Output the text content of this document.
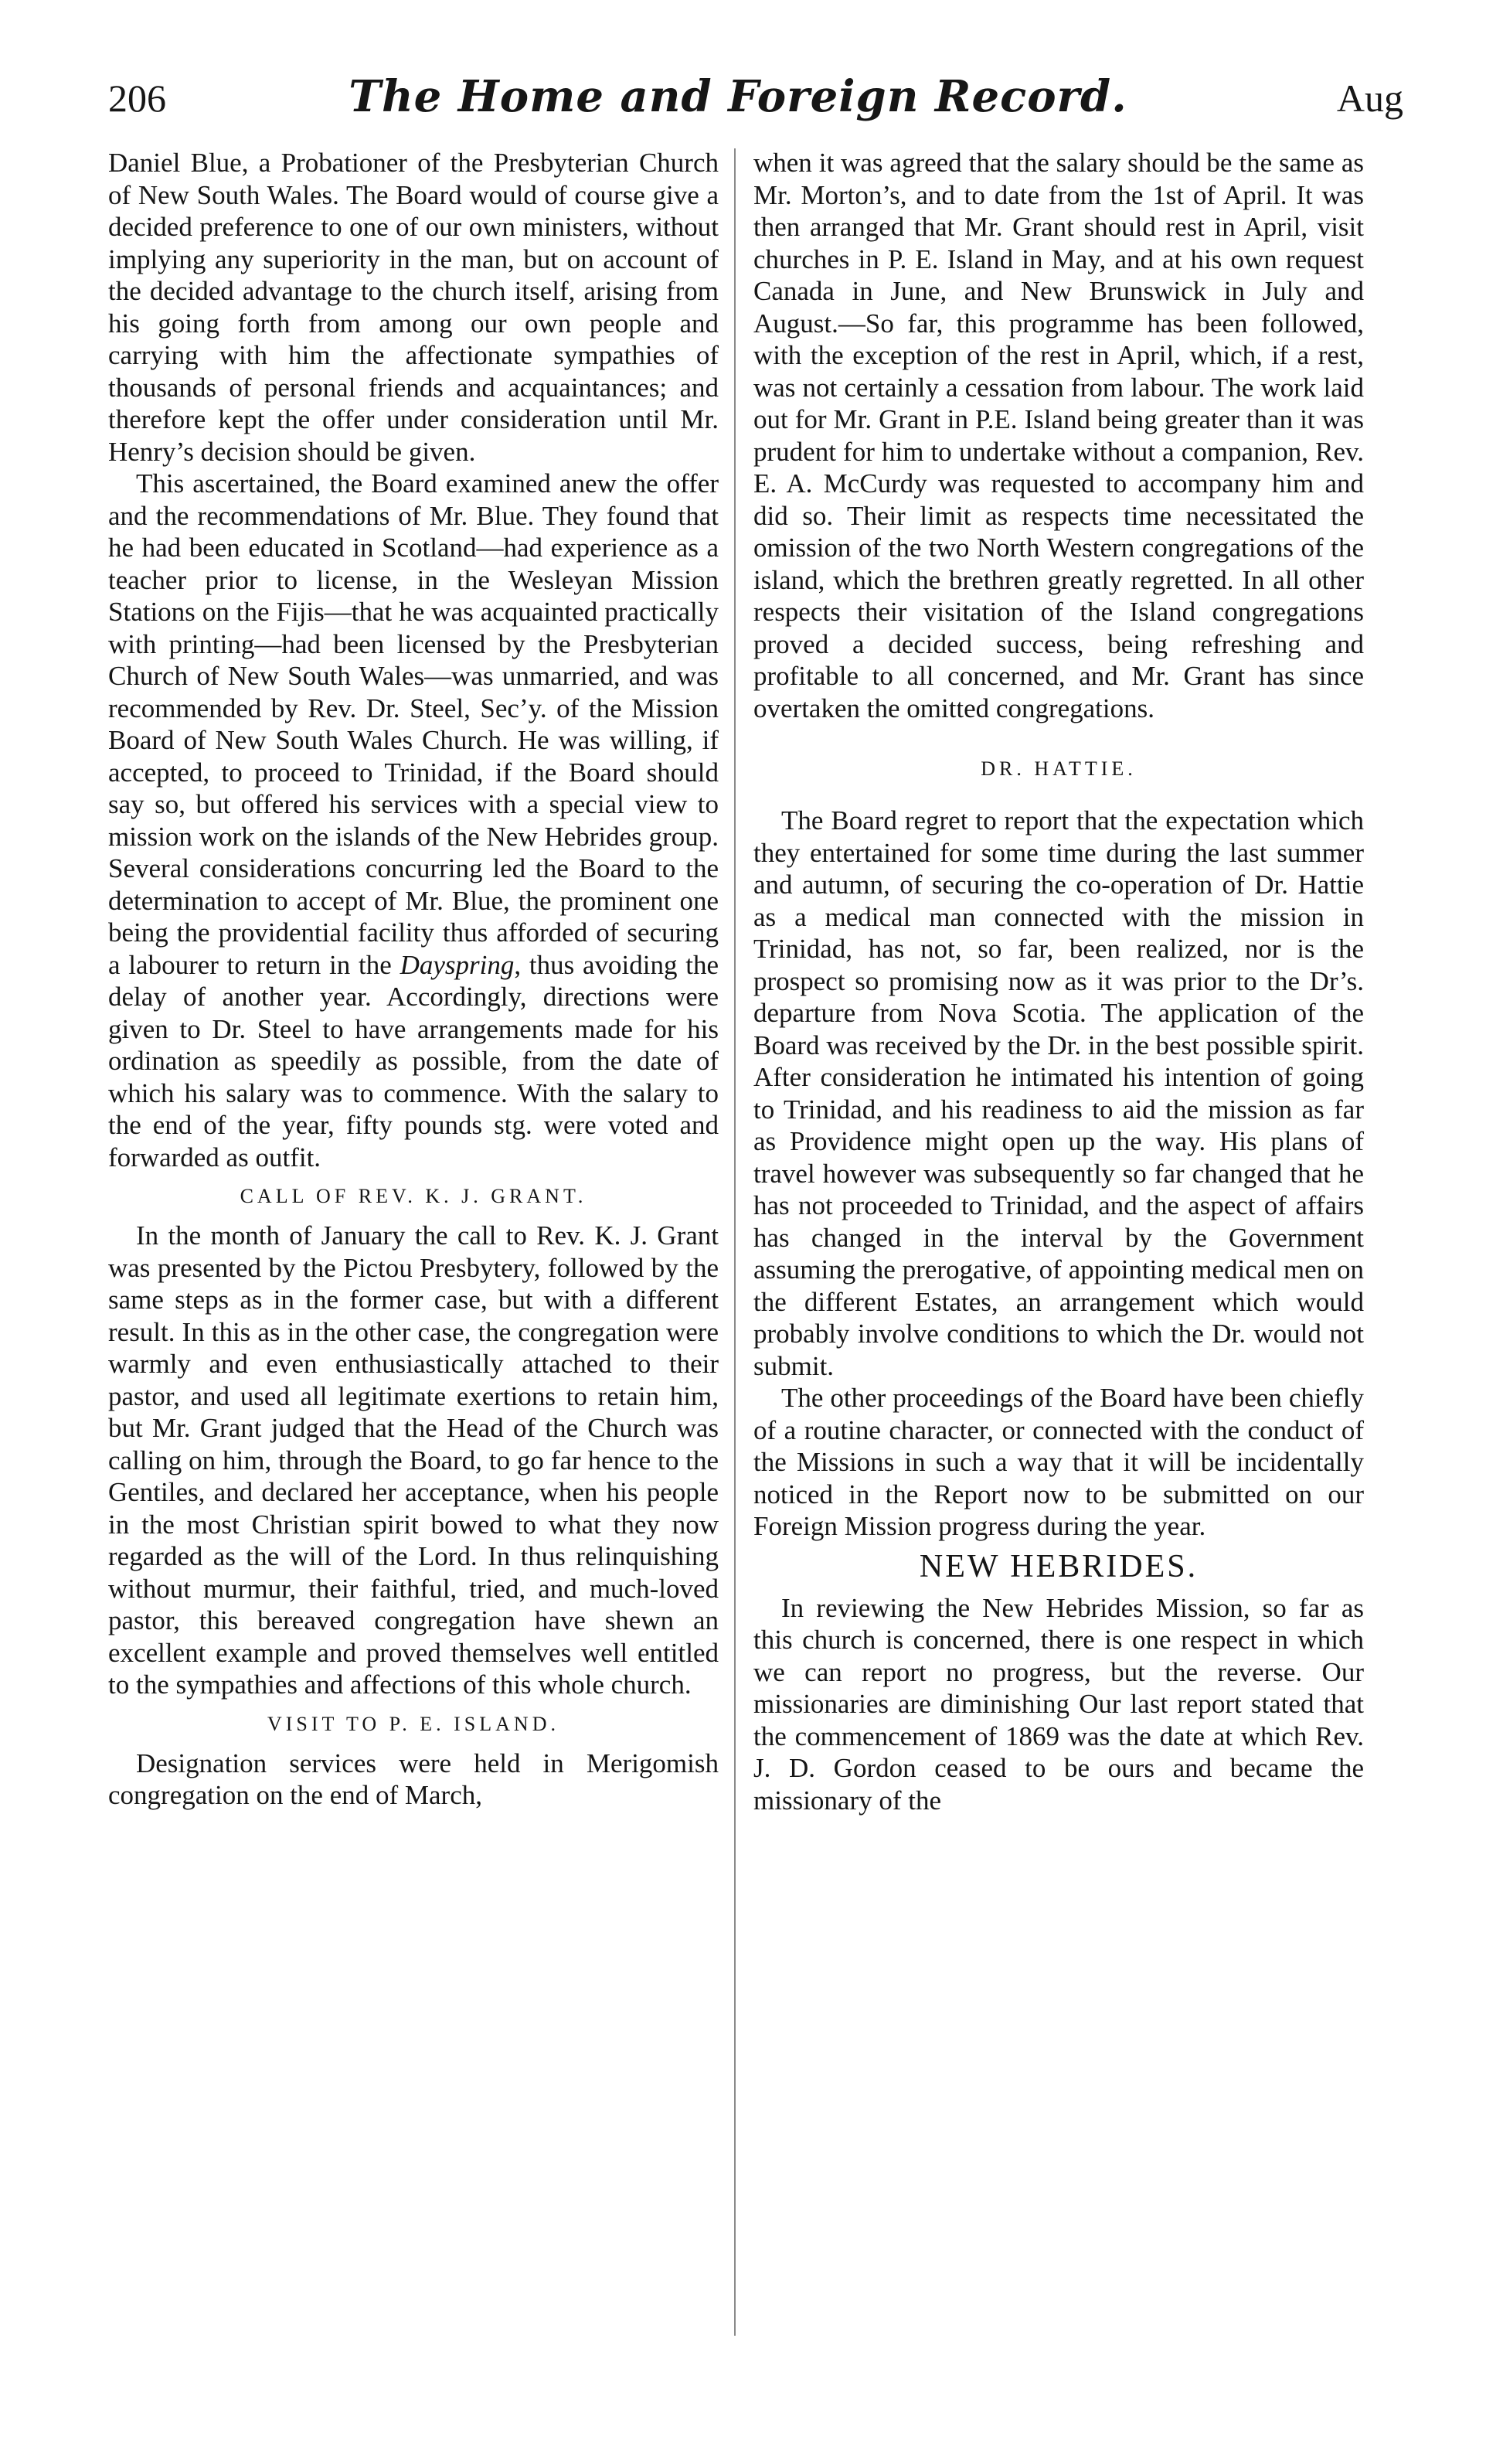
206	The Home and Foreign Record.	Aug

Daniel Blue, a Probationer of the Presbyterian Church of New South Wales. The Board would of course give a decided preference to one of our own ministers, without implying any superiority in the man, but on account of the decided advantage to the church itself, arising from his going forth from among our own people and carrying with him the affectionate sympathies of thousands of personal friends and acquaintances; and therefore kept the offer under consideration until Mr. Henry’s decision should be given.

This ascertained, the Board examined anew the offer and the recommendations of Mr. Blue. They found that he had been educated in Scotland—had experience as a teacher prior to license, in the Wesleyan Mission Stations on the Fijis—that he was acquainted practically with printing—had been licensed by the Presbyterian Church of New South Wales—was unmarried, and was recommended by Rev. Dr. Steel, Sec’y. of the Mission Board of New South Wales Church. He was willing, if accepted, to proceed to Trinidad, if the Board should say so, but offered his services with a special view to mission work on the islands of the New Hebrides group. Several considerations concurring led the Board to the determination to accept of Mr. Blue, the prominent one being the providential facility thus afforded of securing a labourer to return in the Dayspring, thus avoiding the delay of another year. Accordingly, directions were given to Dr. Steel to have arrangements made for his ordination as speedily as possible, from the date of which his salary was to commence. With the salary to the end of the year, fifty pounds stg. were voted and forwarded as outfit.

CALL OF REV. K. J. GRANT.

In the month of January the call to Rev. K. J. Grant was presented by the Pictou Presbytery, followed by the same steps as in the former case, but with a different result. In this as in the other case, the congregation were warmly and even enthusiastically attached to their pastor, and used all legitimate exertions to retain him, but Mr. Grant judged that the Head of the Church was calling on him, through the Board, to go far hence to the Gentiles, and declared her acceptance, when his people in the most Christian spirit bowed to what they now regarded as the will of the Lord. In thus relinquishing without murmur, their faithful, tried, and much-loved pastor, this bereaved congregation have shewn an excellent example and proved themselves well entitled to the sympathies and affections of this whole church.

VISIT TO P. E. ISLAND.

Designation services were held in Merigomish congregation on the end of March,

when it was agreed that the salary should be the same as Mr. Morton’s, and to date from the 1st of April. It was then arranged that Mr. Grant should rest in April, visit churches in P. E. Island in May, and at his own request Canada in June, and New Brunswick in July and August.—So far, this programme has been followed, with the exception of the rest in April, which, if a rest, was not certainly a cessation from labour. The work laid out for Mr. Grant in P.E. Island being greater than it was prudent for him to undertake without a companion, Rev. E. A. McCurdy was requested to accompany him and did so. Their limit as respects time necessitated the omission of the two North Western congregations of the island, which the brethren greatly regretted. In all other respects their visitation of the Island congregations proved a decided success, being refreshing and profitable to all concerned, and Mr. Grant has since overtaken the omitted congregations.

DR. HATTIE.

The Board regret to report that the expectation which they entertained for some time during the last summer and autumn, of securing the co-operation of Dr. Hattie as a medical man connected with the mission in Trinidad, has not, so far, been realized, nor is the prospect so promising now as it was prior to the Dr’s. departure from Nova Scotia. The application of the Board was received by the Dr. in the best possible spirit. After consideration he intimated his intention of going to Trinidad, and his readiness to aid the mission as far as Providence might open up the way. His plans of travel however was subsequently so far changed that he has not proceeded to Trinidad, and the aspect of affairs has changed in the interval by the Government assuming the prerogative, of appointing medical men on the different Estates, an arrangement which would probably involve conditions to which the Dr. would not submit.

The other proceedings of the Board have been chiefly of a routine character, or connected with the conduct of the Missions in such a way that it will be incidentally noticed in the Report now to be submitted on our Foreign Mission progress during the year.

NEW HEBRIDES.

In reviewing the New Hebrides Mission, so far as this church is concerned, there is one respect in which we can report no progress, but the reverse. Our missionaries are diminishing Our last report stated that the commencement of 1869 was the date at which Rev. J. D. Gordon ceased to be ours and became the missionary of the
